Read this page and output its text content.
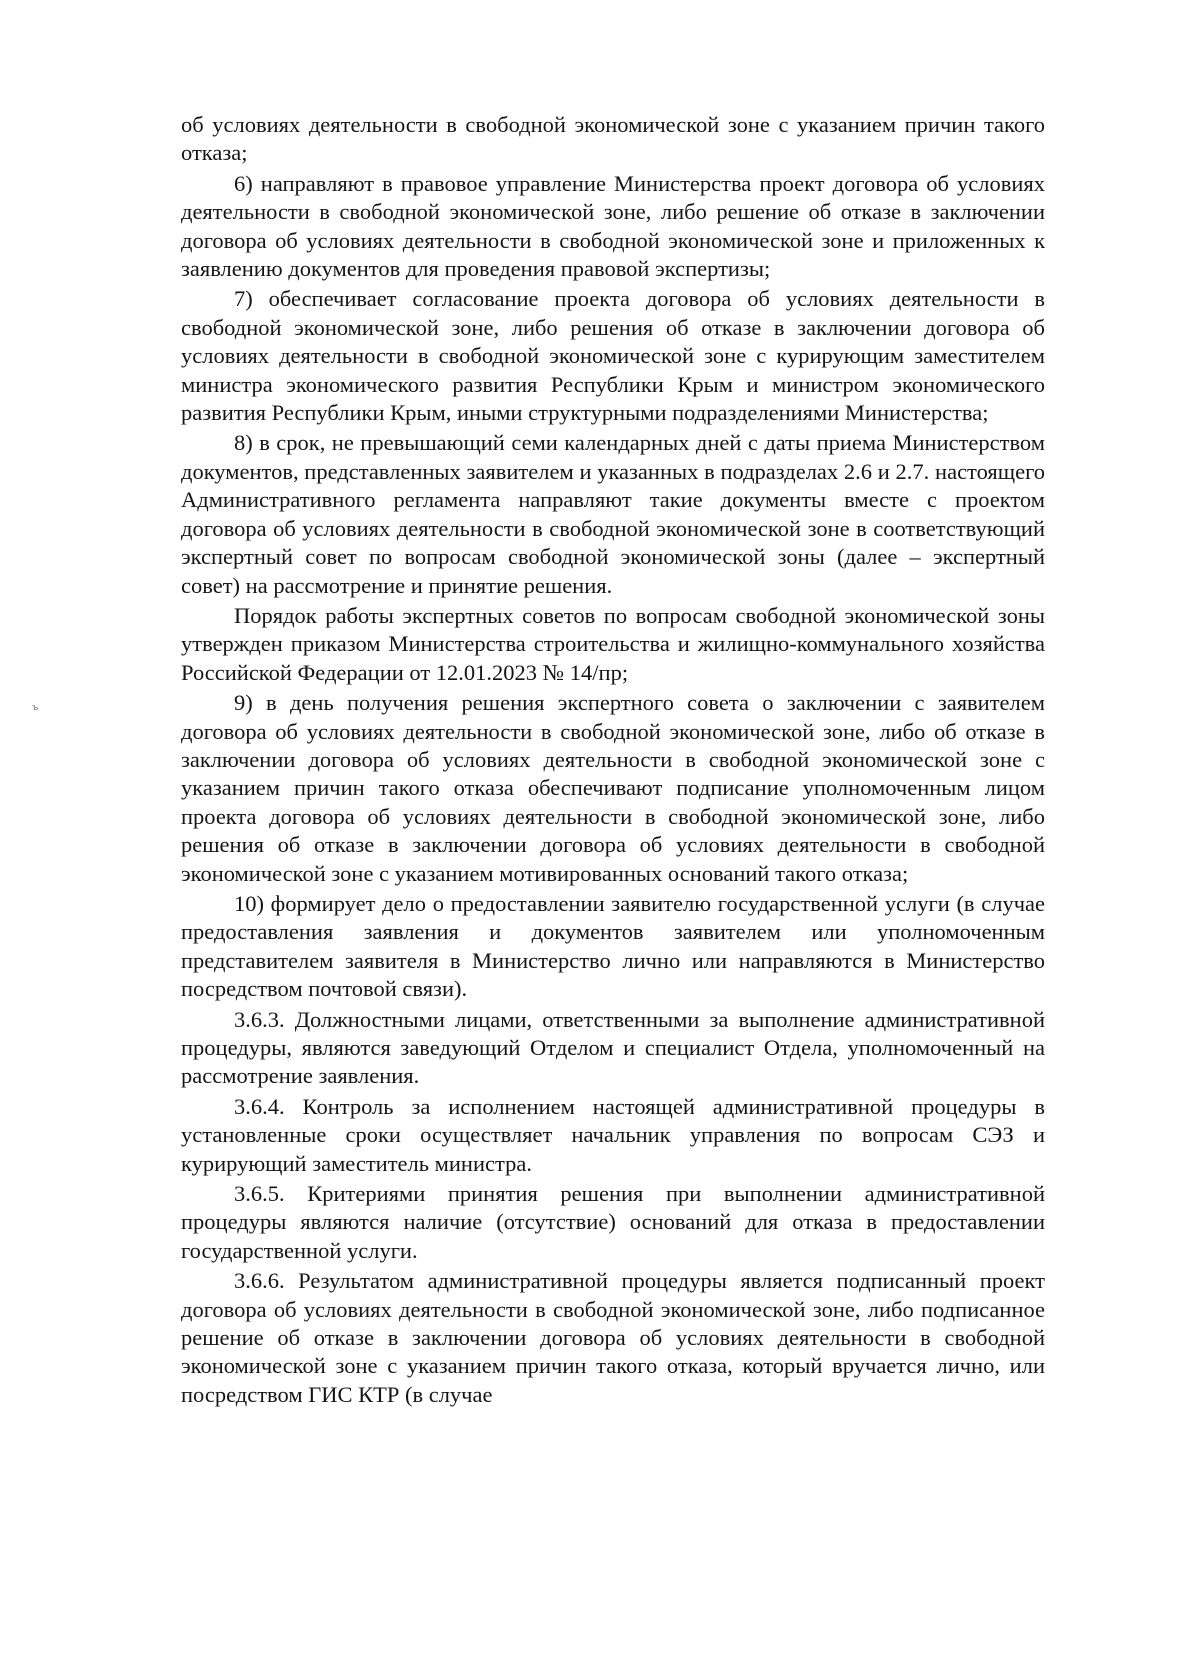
об условиях деятельности в свободной экономической зоне с указанием причин такого отказа;

6) направляют в правовое управление Министерства проект договора об условиях деятельности в свободной экономической зоне, либо решение об отказе в заключении договора об условиях деятельности в свободной экономической зоне и приложенных к заявлению документов для проведения правовой экспертизы;

7) обеспечивает согласование проекта договора об условиях деятельности в свободной экономической зоне, либо решения об отказе в заключении договора об условиях деятельности в свободной экономической зоне с курирующим заместителем министра экономического развития Республики Крым и министром экономического развития Республики Крым, иными структурными подразделениями Министерства;

8) в срок, не превышающий семи календарных дней с даты приема Министерством документов, представленных заявителем и указанных в подразделах 2.6 и 2.7. настоящего Административного регламента направляют такие документы вместе с проектом договора об условиях деятельности в свободной экономической зоне в соответствующий экспертный совет по вопросам свободной экономической зоны (далее – экспертный совет) на рассмотрение и принятие решения.

Порядок работы экспертных советов по вопросам свободной экономической зоны утвержден приказом Министерства строительства и жилищно-коммунального хозяйства Российской Федерации от 12.01.2023 № 14/пр;

9) в день получения решения экспертного совета о заключении с заявителем договора об условиях деятельности в свободной экономической зоне, либо об отказе в заключении договора об условиях деятельности в свободной экономической зоне с указанием причин такого отказа обеспечивают подписание уполномоченным лицом проекта договора об условиях деятельности в свободной экономической зоне, либо решения об отказе в заключении договора об условиях деятельности в свободной экономической зоне с указанием мотивированных оснований такого отказа;

10) формирует дело о предоставлении заявителю государственной услуги (в случае предоставления заявления и документов заявителем или уполномоченным представителем заявителя в Министерство лично или направляются в Министерство посредством почтовой связи).

3.6.3. Должностными лицами, ответственными за выполнение административной процедуры, являются заведующий Отделом и специалист Отдела, уполномоченный на рассмотрение заявления.

3.6.4. Контроль за исполнением настоящей административной процедуры в установленные сроки осуществляет начальник управления по вопросам СЭЗ и курирующий заместитель министра.

3.6.5. Критериями принятия решения при выполнении административной процедуры являются наличие (отсутствие) оснований для отказа в предоставлении государственной услуги.

3.6.6. Результатом административной процедуры является подписанный проект договора об условиях деятельности в свободной экономической зоне, либо подписанное решение об отказе в заключении договора об условиях деятельности в свободной экономической зоне с указанием причин такого отказа, который вручается лично, или посредством ГИС КТР (в случае

ъ
